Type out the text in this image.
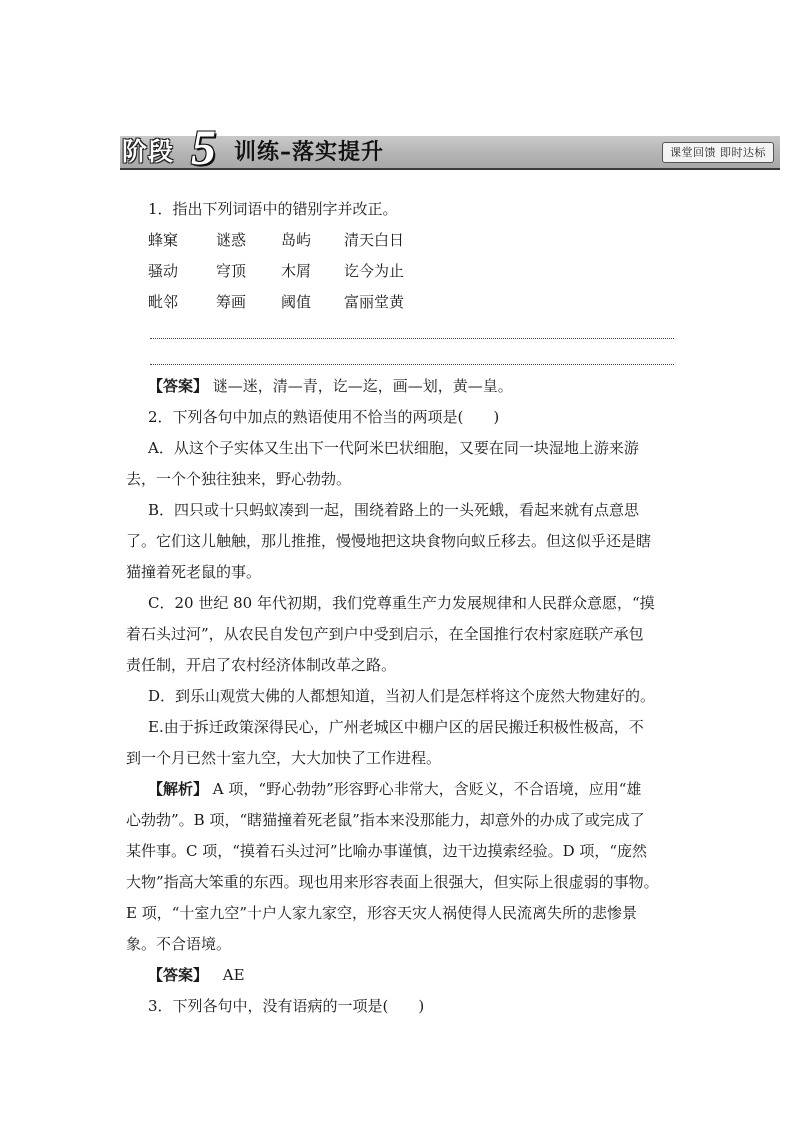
阶段 5 训练–落实提升	课堂回馈 即时达标
1．指出下列词语中的错别字并改正。
蜂窠	谜惑 岛屿 清天白日
骚动	穹顶 木屑 讫今为止
毗邻	筹画 阈值 富丽堂黄
【答案】 谜—迷，清—青，讫—迄，画—划，黄—皇。
2．下列各句中加点的熟语使用不恰当的两项是(　　)
A．从这个子实体又生出下一代阿米巴状细胞，又要在同一块湿地上游来游
去，一个个独往独来，野心勃勃。
B．四只或十只蚂蚁凑到一起，围绕着路上的一头死蛾，看起来就有点意思
了。它们这儿触触，那儿推推，慢慢地把这块食物向蚁丘移去。但这似乎还是瞎
猫撞着死老鼠的事。
C．20 世纪 80 年代初期，我们党尊重生产力发展规律和人民群众意愿，“摸
着石头过河”，从农民自发包产到户中受到启示，在全国推行农村家庭联产承包
责任制，开启了农村经济体制改革之路。
D．到乐山观赏大佛的人都想知道，当初人们是怎样将这个庞然大物建好的。
E.由于拆迁政策深得民心，广州老城区中棚户区的居民搬迁积极性极高，不
到一个月已然十室九空，大大加快了工作进程。
【解析】 A 项，“野心勃勃”形容野心非常大，含贬义，不合语境，应用“雄
心勃勃”。B 项，“瞎猫撞着死老鼠”指本来没那能力，却意外的办成了或完成了
某件事。C 项，“摸着石头过河”比喻办事谨慎，边干边摸索经验。D 项，“庞然
大物”指高大笨重的东西。现也用来形容表面上很强大，但实际上很虚弱的事物。
E 项，“十室九空”十户人家九家空，形容天灾人祸使得人民流离失所的悲惨景
象。不合语境。
【答案】 AE
3．下列各句中，没有语病的一项是(　　)
